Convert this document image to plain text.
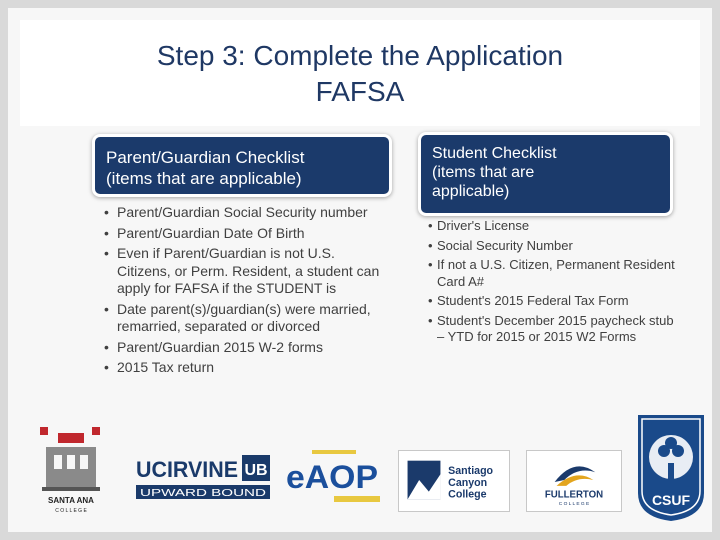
Step 3: Complete the Application
FAFSA
Parent/Guardian Checklist
(items that are applicable)
• Parent/Guardian Social Security number
• Parent/Guardian Date Of Birth
• Even if Parent/Guardian is not U.S. Citizens, or Perm. Resident, a student can apply for FAFSA if the STUDENT is
• Date parent(s)/guardian(s) were married, remarried, separated or divorced
• Parent/Guardian 2015 W-2 forms
• 2015 Tax return
Student Checklist
(items that are
applicable)
• Driver's License
• Social Security Number
• If not a U.S. Citizen, Permanent Resident Card A#
• Student's 2015 Federal Tax Form
• Student's December 2015 paycheck stub – YTD for 2015 or 2015 W2 Forms
SANTA ANA
C O L L E G E
UCIRVINE UB
UPWARD BOUND eAOP	Santiago
Canyon
College	FULLERTON
C O L L E G E	CSUF
